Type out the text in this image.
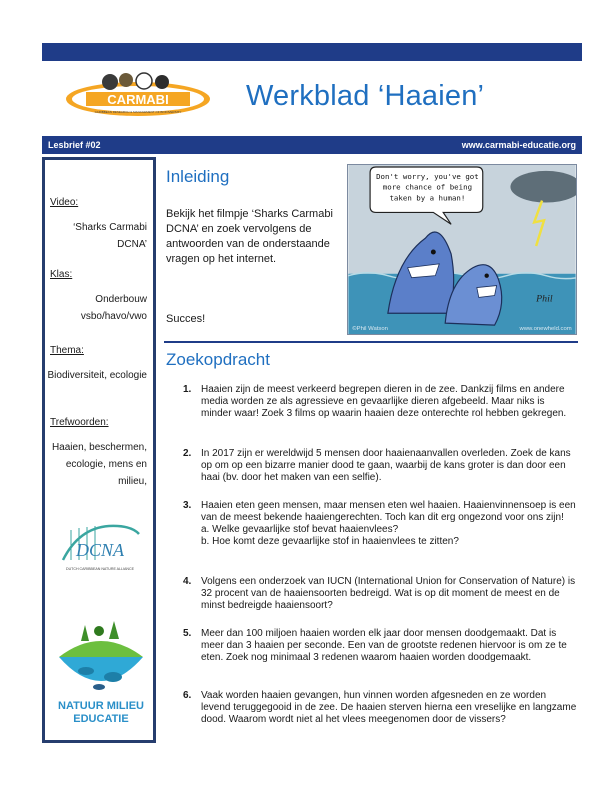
CARMABI
CARIBBEAN RESEARCH & MANAGEMENT OF BIODIVERSITY Werkblad ‘Haaien’
Lesbrief #02	www.carmabi-educatie.org
Video:
‘Sharks Carmabi DCNA’
Klas:
Onderbouw vsbo/havo/vwo
Thema:
Biodiversiteit, ecologie
Trefwoorden:
Haaien, beschermen, ecologie, mens en milieu,
DCNA
DUTCH CARIBBEAN NATURE ALLIANCE
NATUUR MILIEU
EDUCATIE
Inleiding
Bekijk het filmpje ‘Sharks Carmabi DCNA’ en zoek vervolgens de antwoorden van de onderstaande vragen op het internet.
Succes!
Don't worry, you've got more chance of being taken by a human!
Phil
©Phil Watson	www.onewheld.com
Zoekopdracht
1. Haaien zijn de meest verkeerd begrepen dieren in de zee. Dankzij films en andere media worden ze als agressieve en gevaarlijke dieren afgebeeld. Maar niks is minder waar! Zoek 3 films op waarin haaien deze onterechte rol hebben gekregen.
2. In 2017 zijn er wereldwijd 5 mensen door haaienaanvallen overleden. Zoek de kans op om op een bizarre manier dood te gaan, waarbij de kans groter is dan door een haai (bv. door het maken van een selfie).
3. Haaien eten geen mensen, maar mensen eten wel haaien. Haaienvinnensoep is een van de meest bekende haaiengerechten. Toch kan dit erg ongezond voor ons zijn!
a. Welke gevaarlijke stof bevat haaienvlees?
b. Hoe komt deze gevaarlijke stof in haaienvlees te zitten?
4. Volgens een onderzoek van IUCN (International Union for Conservation of Nature) is 32 procent van de haaiensoorten bedreigd. Wat is op dit moment de meest en de minst bedreigde haaiensoort?
5. Meer dan 100 miljoen haaien worden elk jaar door mensen doodgemaakt. Dat is meer dan 3 haaien per seconde. Een van de grootste redenen hiervoor is om ze te eten. Zoek nog minimaal 3 redenen waarom haaien worden doodgemaakt.
6. Vaak worden haaien gevangen, hun vinnen worden afgesneden en ze worden levend teruggegooid in de zee. De haaien sterven hierna een vreselijke en langzame dood. Waarom wordt niet al het vlees meegenomen door de vissers?
